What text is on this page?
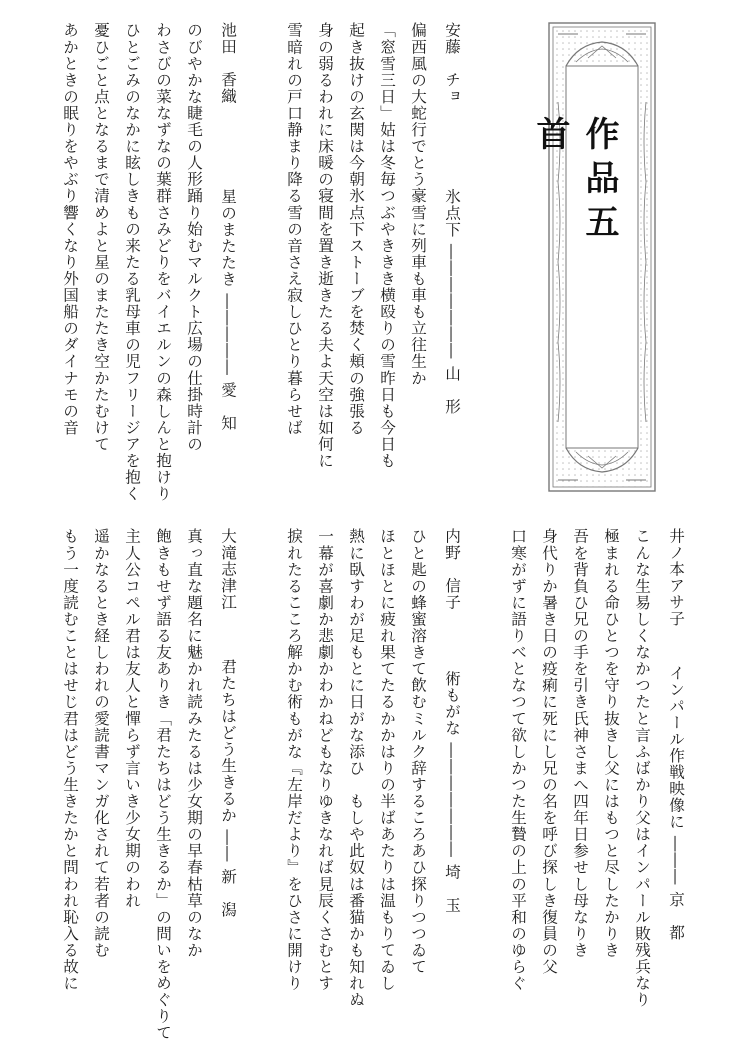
作品五首
安藤　チョ氷点下 ――――――― 山　形
偏西風の大蛇行でとう豪雪に列車も車も立往生か
「窓雪三日」姑は冬毎つぶやききき横殴りの雪昨日も今日も
起き抜けの玄関は今朝氷点下ストーブを焚く頬の強張る
身の弱るわれに床暖の寝間を置き逝きたる夫よ天空は如何に
雪暗れの戸口静まり降る雪の音さえ寂しひとり暮らせば
池田　香織星のまたたき ――――― 愛　知
のびやかな睫毛の人形踊り始むマルクト広場の仕掛時計の
わさびの菜なずなの葉群さみどりをバイエルンの森しんと抱けり
ひとごみのなかに眩しきもの来たる乳母車の児フリージアを抱く
憂ひごと点となるまで清めよと星のまたたき空かたむけて
あかときの眠りをやぶり響くなり外国船のダイナモの音
井ノ本アサ子インパール作戦映像に ――― 京　都
こんな生易しくなかつたと言ふばかり父はインパール敗残兵なり
極まれる命ひとつを守り抜きし父にはもつと尽したかりき
吾を背負ひ兄の手を引き氏神さまへ四年日参せし母なりき
身代りか暑き日の疫痢に死にし兄の名を呼び探しき復員の父
口寒がずに語りべとなつて欲しかつた生贄の上の平和のゆらぐ
内野　信子術もがな ――――――― 埼　玉
ひと匙の蜂蜜溶きて飲むミルク辞するころあひ探りつつゐて
ほとほとに疲れ果てたるかかはりの半ばあたりは温もりてゐし
熱に臥すわが足もとに日がな添ひ　もしや此奴は番猫かも知れぬ
一幕が喜劇か悲劇かわかねどもなりゆきなれば見辰くさむとす
捩れたるこころ解かむ術もがな『左岸だより』をひさに開けり
大滝志津江君たちはどう生きるか ―― 新　潟
真っ直な題名に魅かれ読みたるは少女期の早春枯草のなか
飽きもせず語る友ありき「君たちはどう生きるか」の問いをめぐりて
主人公コペル君は友人と憚らず言いき少女期のわれ
遥かなるとき経しわれの愛読書マンガ化されて若者の読む
もう一度読むことはせじ君はどう生きたかと問われ恥入る故に
